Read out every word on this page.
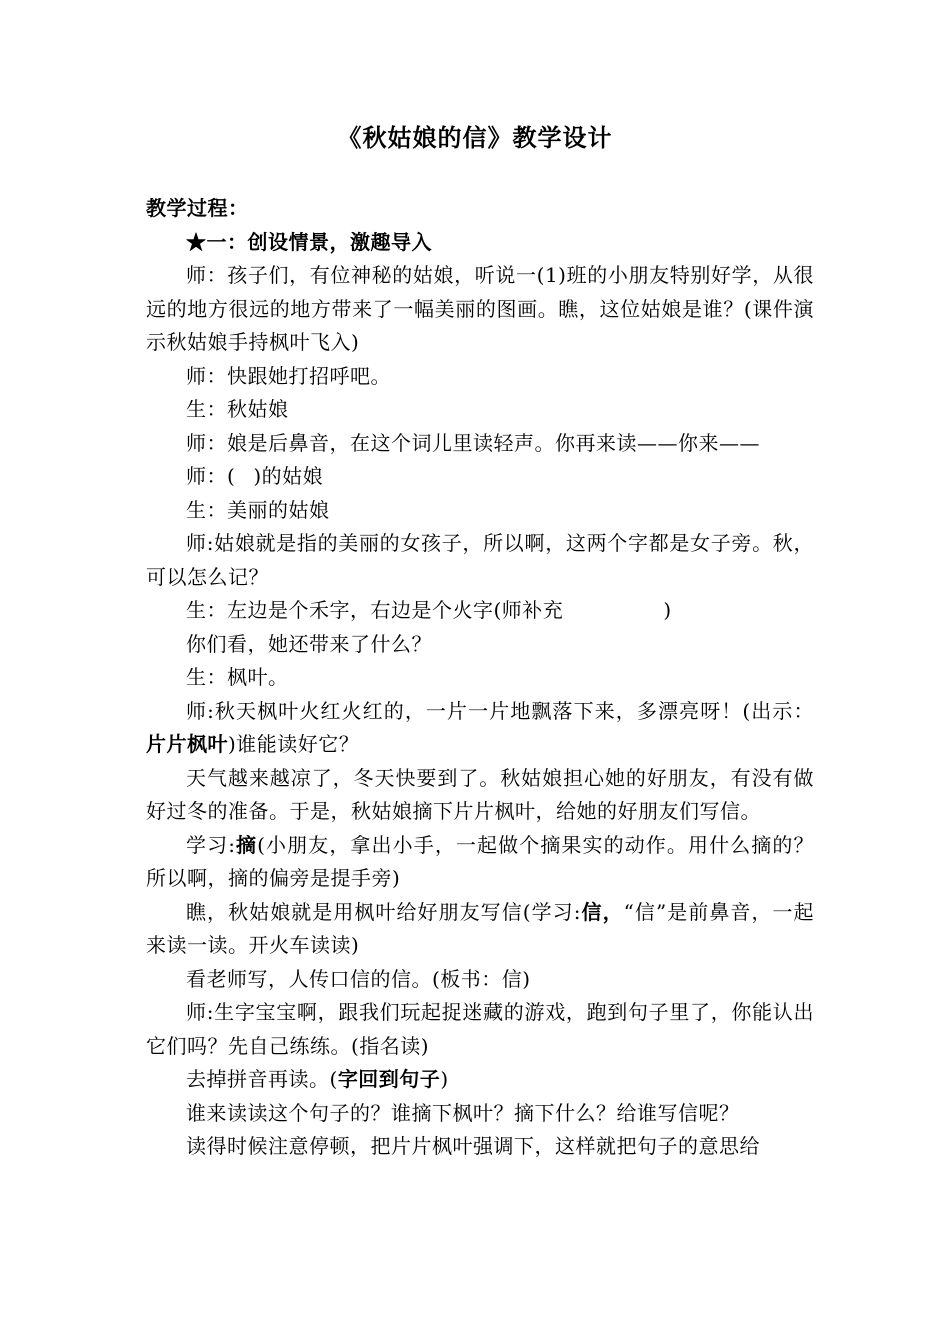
《秋姑娘的信》教学设计

教学过程：

★一：创设情景，激趣导入

师：孩子们，有位神秘的姑娘，听说一(1)班的小朋友特别好学，从很远的地方很远的地方带来了一幅美丽的图画。瞧，这位姑娘是谁？(课件演示秋姑娘手持枫叶飞入)

师：快跟她打招呼吧。

生：秋姑娘

师：娘是后鼻音，在这个词儿里读轻声。你再来读——你来——

师：( )的姑娘

生：美丽的姑娘

师:姑娘就是指的美丽的女孩子，所以啊，这两个字都是女子旁。秋，可以怎么记？

生：左边是个禾字，右边是个火字(师补充	)

你们看，她还带来了什么？

生：枫叶。

师:秋天枫叶火红火红的，一片一片地飘落下来，多漂亮呀！(出示：片片枫叶)谁能读好它？

天气越来越凉了，冬天快要到了。秋姑娘担心她的好朋友，有没有做好过冬的准备。于是，秋姑娘摘下片片枫叶，给她的好朋友们写信。

学习:摘(小朋友，拿出小手，一起做个摘果实的动作。用什么摘的？所以啊，摘的偏旁是提手旁)

瞧，秋姑娘就是用枫叶给好朋友写信(学习:信，“信”是前鼻音，一起来读一读。开火车读读)

看老师写，人传口信的信。(板书：信)

师:生字宝宝啊，跟我们玩起捉迷藏的游戏，跑到句子里了，你能认出它们吗？先自己练练。(指名读)

去掉拼音再读。(字回到句子)

谁来读读这个句子的？谁摘下枫叶？摘下什么？给谁写信呢？

读得时候注意停顿，把片片枫叶强调下，这样就把句子的意思给
